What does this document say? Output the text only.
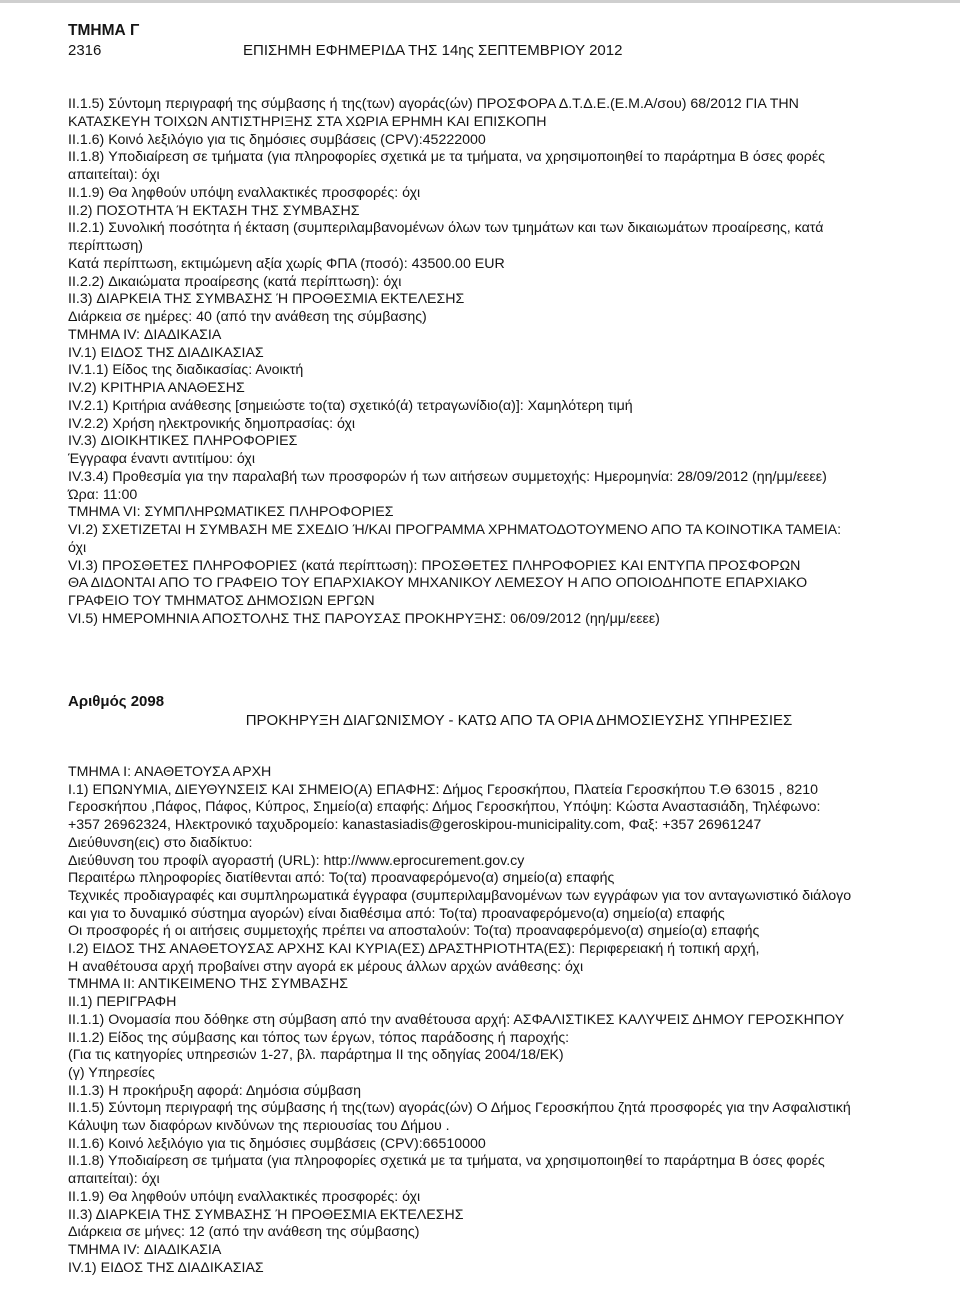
ΤΜΗΜΑ Γ
2316	ΕΠΙΣΗΜΗ ΕΦΗΜΕΡΙΔΑ ΤΗΣ 14ης ΣΕΠΤΕΜΒΡΙΟΥ 2012
II.1.5) Σύντομη περιγραφή της σύμβασης ή της(των) αγοράς(ών) ΠΡΟΣΦΟΡΑ Δ.Τ.Δ.Ε.(Ε.Μ.Α/σου) 68/2012 ΓΙΑ ΤΗΝ
ΚΑΤΑΣΚΕΥΗ ΤΟΙΧΩΝ ΑΝΤΙΣΤΗΡΙΞΗΣ ΣΤΑ ΧΩΡΙΑ ΕΡΗΜΗ ΚΑΙ ΕΠΙΣΚΟΠΗ
II.1.6) Κοινό λεξιλόγιο για τις δημόσιες συμβάσεις (CPV):45222000
II.1.8) Υποδιαίρεση σε τμήματα (για πληροφορίες σχετικά με τα τμήματα, να χρησιμοποιηθεί το παράρτημα Β όσες φορές
απαιτείται): όχι
II.1.9) Θα ληφθούν υπόψη εναλλακτικές προσφορές: όχι
II.2) ΠΟΣΟΤΗΤΑ Ή ΕΚΤΑΣΗ ΤΗΣ ΣΥΜΒΑΣΗΣ
II.2.1) Συνολική ποσότητα ή έκταση (συμπεριλαμβανομένων όλων των τμημάτων και των δικαιωμάτων προαίρεσης, κατά
περίπτωση)
Κατά περίπτωση, εκτιμώμενη αξία χωρίς ΦΠΑ (ποσό): 43500.00 EUR
II.2.2) Δικαιώματα προαίρεσης (κατά περίπτωση): όχι
II.3) ΔΙΑΡΚΕΙΑ ΤΗΣ ΣΥΜΒΑΣΗΣ Ή ΠΡΟΘΕΣΜΙΑ ΕΚΤΕΛΕΣΗΣ
Διάρκεια σε ημέρες: 40 (από την ανάθεση της σύμβασης)
ΤΜΗΜΑ IV: ΔΙΑΔΙΚΑΣΙΑ
IV.1) ΕΙΔΟΣ ΤΗΣ ΔΙΑΔΙΚΑΣΙΑΣ
IV.1.1) Είδος της διαδικασίας: Ανοικτή
IV.2) ΚΡΙΤΗΡΙΑ ΑΝΑΘΕΣΗΣ
IV.2.1) Κριτήρια ανάθεσης [σημειώστε το(τα) σχετικό(ά) τετραγωνίδιο(α)]: Χαμηλότερη τιμή
IV.2.2) Χρήση ηλεκτρονικής δημοπρασίας: όχι
IV.3) ΔΙΟΙΚΗΤΙΚΕΣ ΠΛΗΡΟΦΟΡΙΕΣ
Έγγραφα έναντι αντιτίμου: όχι
IV.3.4) Προθεσμία για την παραλαβή των προσφορών ή των αιτήσεων συμμετοχής: Ημερομηνία: 28/09/2012 (ηη/μμ/εεεε)
Ώρα: 11:00
ΤΜΗΜΑ VI: ΣΥΜΠΛΗΡΩΜΑΤΙΚΕΣ ΠΛΗΡΟΦΟΡΙΕΣ
VI.2) ΣΧΕΤΙΖΕΤΑΙ Η ΣΥΜΒΑΣΗ ΜΕ ΣΧΕΔΙΟ Ή/ΚΑΙ ΠΡΟΓΡΑΜΜΑ ΧΡΗΜΑΤΟΔΟΤΟΥΜΕΝΟ ΑΠΟ ΤΑ ΚΟΙΝΟΤΙΚΑ ΤΑΜΕΙΑ:
όχι
VI.3) ΠΡΟΣΘΕΤΕΣ ΠΛΗΡΟΦΟΡΙΕΣ (κατά περίπτωση): ΠΡΟΣΘΕΤΕΣ ΠΛΗΡΟΦΟΡΙΕΣ ΚΑΙ ΕΝΤΥΠΑ ΠΡΟΣΦΟΡΩΝ
ΘΑ ΔΙΔΟΝΤΑΙ ΑΠΟ ΤΟ ΓΡΑΦΕΙΟ ΤΟΥ ΕΠΑΡΧΙΑΚΟΥ ΜΗΧΑΝΙΚΟΥ ΛΕΜΕΣΟΥ Η ΑΠΟ ΟΠΟΙΟΔΗΠΟΤΕ ΕΠΑΡΧΙΑΚΟ
ΓΡΑΦΕΙΟ ΤΟΥ ΤΜΗΜΑΤΟΣ ΔΗΜΟΣΙΩΝ ΕΡΓΩΝ
VI.5) ΗΜΕΡΟΜΗΝΙΑ ΑΠΟΣΤΟΛΗΣ ΤΗΣ ΠΑΡΟΥΣΑΣ ΠΡΟΚΗΡΥΞΗΣ: 06/09/2012 (ηη/μμ/εεεε)
Αριθμός 2098
ΠΡΟΚΗΡΥΞΗ ΔΙΑΓΩΝΙΣΜΟΥ - ΚΑΤΩ ΑΠΟ ΤΑ ΟΡΙΑ ΔΗΜΟΣΙΕΥΣΗΣ ΥΠΗΡΕΣΙΕΣ
ΤΜΗΜΑ Ι: ΑΝΑΘΕΤΟΥΣΑ ΑΡΧΗ
Ι.1) ΕΠΩΝΥΜΙΑ, ΔΙΕΥΘΥΝΣΕΙΣ ΚΑΙ ΣΗΜΕΙΟ(Α) ΕΠΑΦΗΣ: Δήμος Γεροσκήπου, Πλατεία Γεροσκήπου Τ.Θ 63015 , 8210
Γεροσκήπου ,Πάφος, Πάφος, Κύπρος, Σημείο(α) επαφής: Δήμος Γεροσκήπου, Υπόψη: Κώστα Αναστασιάδη, Τηλέφωνο:
+357 26962324, Ηλεκτρονικό ταχυδρομείο: kanastasiadis@geroskipou-municipality.com, Φαξ: +357 26961247
Διεύθυνση(εις) στο διαδίκτυο:
Διεύθυνση του προφίλ αγοραστή (URL): http://www.eprocurement.gov.cy
Περαιτέρω πληροφορίες διατίθενται από: Το(τα) προαναφερόμενο(α) σημείο(α) επαφής
Τεχνικές προδιαγραφές και συμπληρωματικά έγγραφα (συμπεριλαμβανομένων των εγγράφων για τον ανταγωνιστικό διάλογο
και για το δυναμικό σύστημα αγορών) είναι διαθέσιμα από: Το(τα) προαναφερόμενο(α) σημείο(α) επαφής
Οι προσφορές ή οι αιτήσεις συμμετοχής πρέπει να αποσταλούν: Το(τα) προαναφερόμενο(α) σημείο(α) επαφής
Ι.2) ΕΙΔΟΣ ΤΗΣ ΑΝΑΘΕΤΟΥΣΑΣ ΑΡΧΗΣ ΚΑΙ ΚΥΡΙΑ(ΕΣ) ΔΡΑΣΤΗΡΙΟΤΗΤΑ(ΕΣ): Περιφερειακή ή τοπική αρχή,
Η αναθέτουσα αρχή προβαίνει στην αγορά εκ μέρους άλλων αρχών ανάθεσης: όχι
ΤΜΗΜΑ ΙΙ: ΑΝΤΙΚΕΙΜΕΝΟ ΤΗΣ ΣΥΜΒΑΣΗΣ
ΙΙ.1) ΠΕΡΙΓΡΑΦΗ
ΙΙ.1.1) Ονομασία που δόθηκε στη σύμβαση από την αναθέτουσα αρχή: ΑΣΦΑΛΙΣΤΙΚΕΣ ΚΑΛΥΨΕΙΣ ΔΗΜΟΥ ΓΕΡΟΣΚΗΠΟΥ
ΙΙ.1.2) Είδος της σύμβασης και τόπος των έργων, τόπος παράδοσης ή παροχής:
(Για τις κατηγορίες υπηρεσιών 1-27, βλ. παράρτημα ΙΙ της οδηγίας 2004/18/ΕΚ)
(γ) Υπηρεσίες
ΙΙ.1.3) Η προκήρυξη αφορά: Δημόσια σύμβαση
ΙΙ.1.5) Σύντομη περιγραφή της σύμβασης ή της(των) αγοράς(ών) Ο Δήμος Γεροσκήπου ζητά προσφορές για την Ασφαλιστική
Κάλυψη των διαφόρων κινδύνων της περιουσίας του Δήμου .
ΙΙ.1.6) Κοινό λεξιλόγιο για τις δημόσιες συμβάσεις (CPV):66510000
ΙΙ.1.8) Υποδιαίρεση σε τμήματα (για πληροφορίες σχετικά με τα τμήματα, να χρησιμοποιηθεί το παράρτημα Β όσες φορές
απαιτείται): όχι
ΙΙ.1.9) Θα ληφθούν υπόψη εναλλακτικές προσφορές: όχι
ΙΙ.3) ΔΙΑΡΚΕΙΑ ΤΗΣ ΣΥΜΒΑΣΗΣ Ή ΠΡΟΘΕΣΜΙΑ ΕΚΤΕΛΕΣΗΣ
Διάρκεια σε μήνες: 12 (από την ανάθεση της σύμβασης)
ΤΜΗΜΑ IV: ΔΙΑΔΙΚΑΣΙΑ
IV.1) ΕΙΔΟΣ ΤΗΣ ΔΙΑΔΙΚΑΣΙΑΣ
